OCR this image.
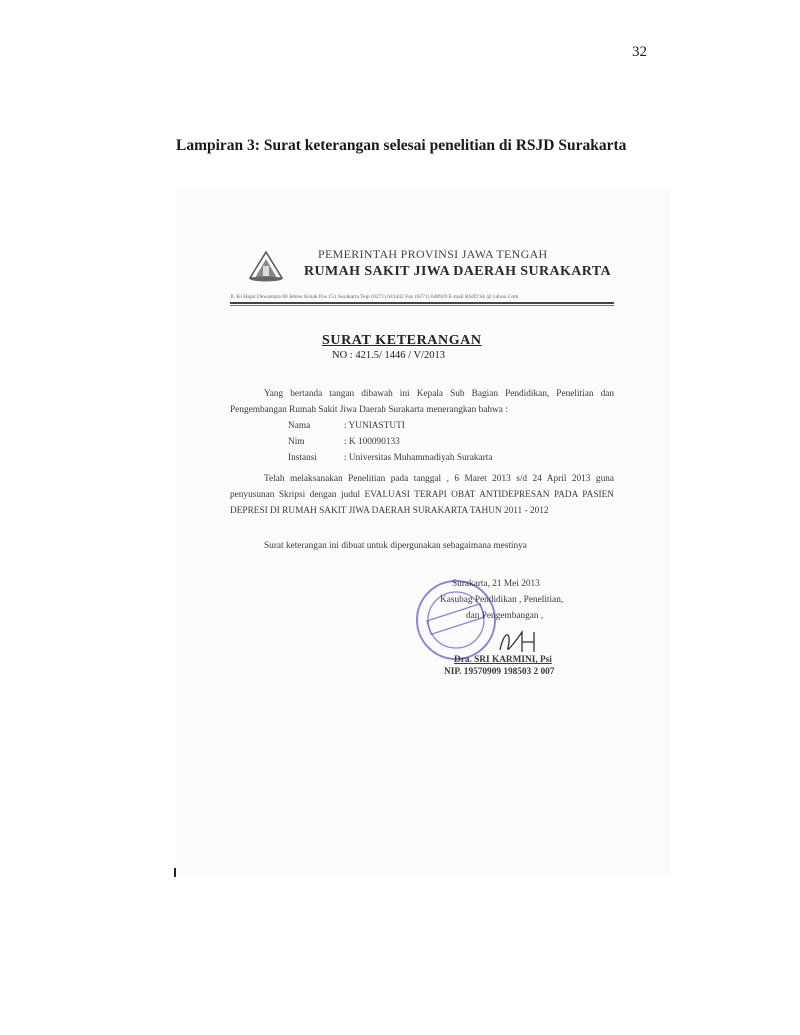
32
Lampiran 3: Surat keterangan selesai penelitian di RSJD Surakarta
PEMERINTAH PROVINSI JAWA TENGAH
RUMAH SAKIT JIWA DAERAH SURAKARTA
Jl. Ki Hajar Dewantara 80 Jebres Kotak Pos 151 Surakarta Telp (0271) 641442 Fax (0271) 648920 E-mail RSJD Sk @ yahoo.Com
SURAT KETERANGAN
NO : 421.5/ 1446 / V/2013
Yang bertanda tangan dibawah ini Kepala Sub Bagian Pendidikan, Penelitian dan Pengembangan Rumah Sakit Jiwa Daerah Surakarta menerangkan bahwa :
Nama	: YUNIASTUTI
Nim	: K 100090133
Instansi	: Universitas Muhammadiyah Surakarta
Telah melaksanakan Penelitian pada tanggal , 6 Maret 2013 s/d 24 April 2013 guna penyusunan Skripsi dengan judul EVALUASI TERAPI OBAT ANTIDEPRESAN PADA PASIEN DEPRESI DI RUMAH SAKIT JIWA DAERAH SURAKARTA TAHUN 2011 - 2012
Surat keterangan ini dibuat untuk dipergunakan sebagaimana mestinya
Surakarta, 21 Mei 2013
Kasubag Pendidikan , Penelitian,
dan Pengembangan ,
Dra. SRI KARMINI, Psi
NIP. 19570909 198503 2 007
